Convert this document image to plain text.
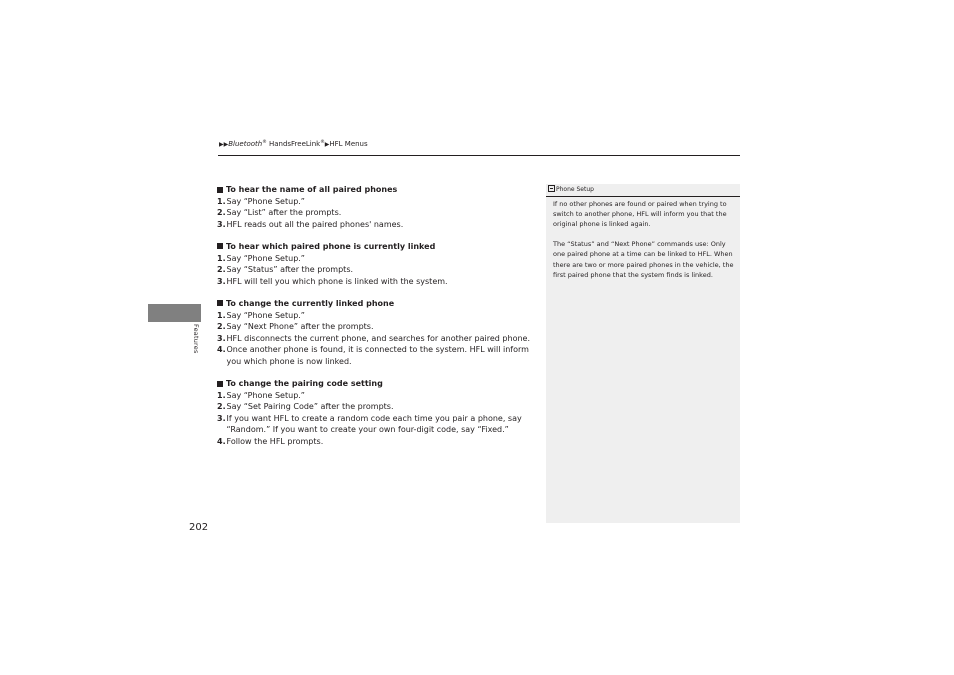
▶▶Bluetooth® HandsFreeLink®▶HFL Menus
Features
To hear the name of all paired phones
1. Say “Phone Setup.”
2. Say “List” after the prompts.
3. HFL reads out all the paired phones' names.
To hear which paired phone is currently linked
1. Say “Phone Setup.”
2. Say “Status” after the prompts.
3. HFL will tell you which phone is linked with the system.
To change the currently linked phone
1. Say “Phone Setup.”
2. Say “Next Phone” after the prompts.
3. HFL disconnects the current phone, and searches for another paired phone.
4. Once another phone is found, it is connected to the system. HFL will inform you which phone is now linked.
To change the pairing code setting
1. Say “Phone Setup.”
2. Say “Set Pairing Code” after the prompts.
3. If you want HFL to create a random code each time you pair a phone, say “Random.” If you want to create your own four-digit code, say “Fixed.”
4. Follow the HFL prompts.
Phone Setup

If no other phones are found or paired when trying to switch to another phone, HFL will inform you that the original phone is linked again.

The “Status” and “Next Phone” commands use: Only one paired phone at a time can be linked to HFL. When there are two or more paired phones in the vehicle, the first paired phone that the system finds is linked.

202
